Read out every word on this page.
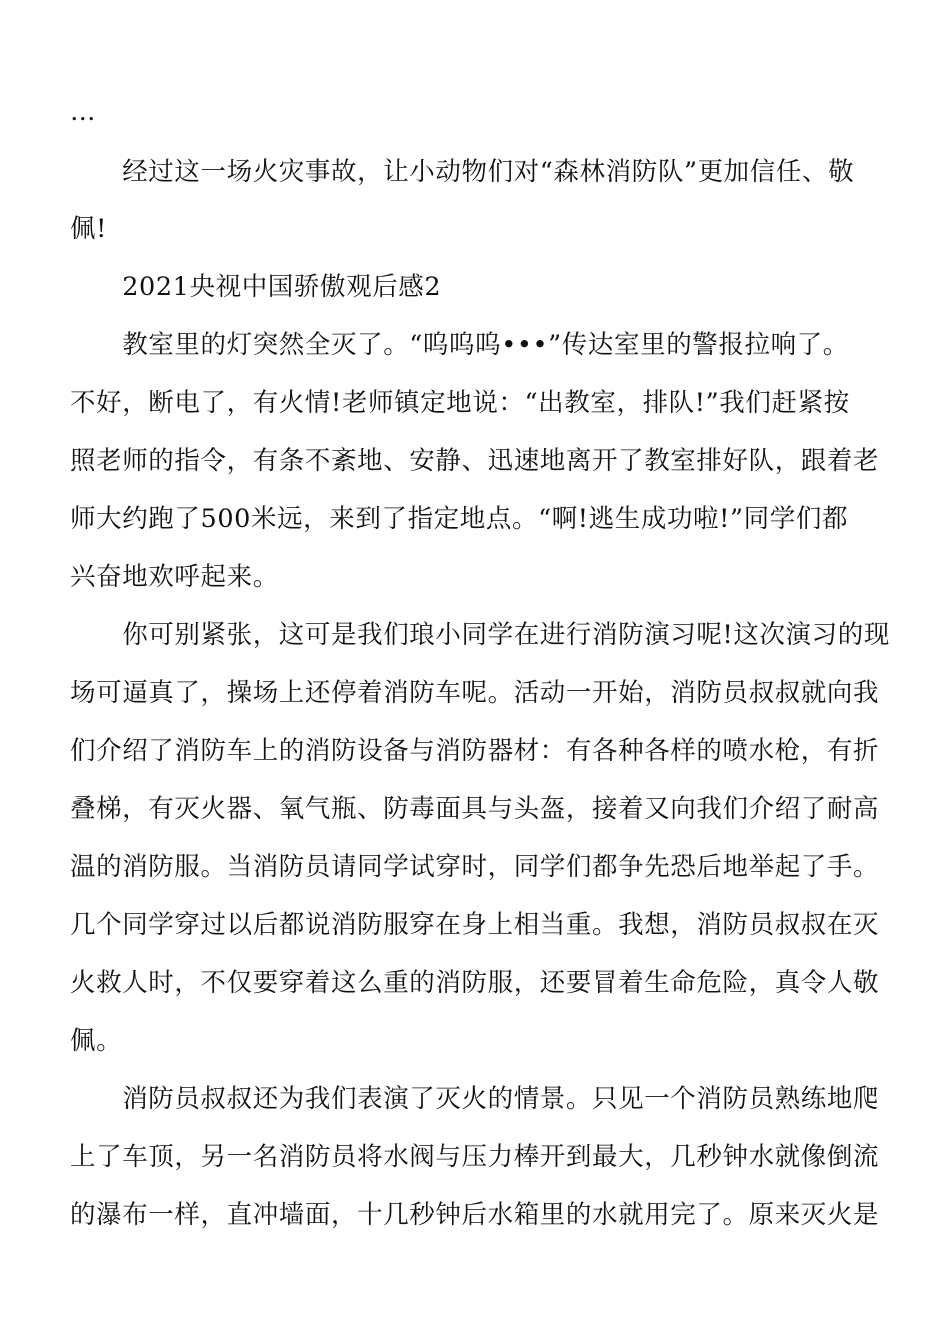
…
　　经过这一场火灾事故，让小动物们对“森林消防队”更加信任、敬
佩!
　　2021央视中国骄傲观后感2
　　教室里的灯突然全灭了。“呜呜呜•••”传达室里的警报拉响了。
不好，断电了，有火情!老师镇定地说：“出教室，排队!”我们赶紧按
照老师的指令，有条不紊地、安静、迅速地离开了教室排好队，跟着老
师大约跑了500米远，来到了指定地点。“啊!逃生成功啦!”同学们都
兴奋地欢呼起来。
　　你可别紧张，这可是我们琅小同学在进行消防演习呢!这次演习的现
场可逼真了，操场上还停着消防车呢。活动一开始，消防员叔叔就向我
们介绍了消防车上的消防设备与消防器材：有各种各样的喷水枪，有折
叠梯，有灭火器、氧气瓶、防毒面具与头盔，接着又向我们介绍了耐高
温的消防服。当消防员请同学试穿时，同学们都争先恐后地举起了手。
几个同学穿过以后都说消防服穿在身上相当重。我想，消防员叔叔在灭
火救人时，不仅要穿着这么重的消防服，还要冒着生命危险，真令人敬
佩。
　　消防员叔叔还为我们表演了灭火的情景。只见一个消防员熟练地爬
上了车顶，另一名消防员将水阀与压力棒开到最大，几秒钟水就像倒流
的瀑布一样，直冲墙面，十几秒钟后水箱里的水就用完了。原来灭火是
